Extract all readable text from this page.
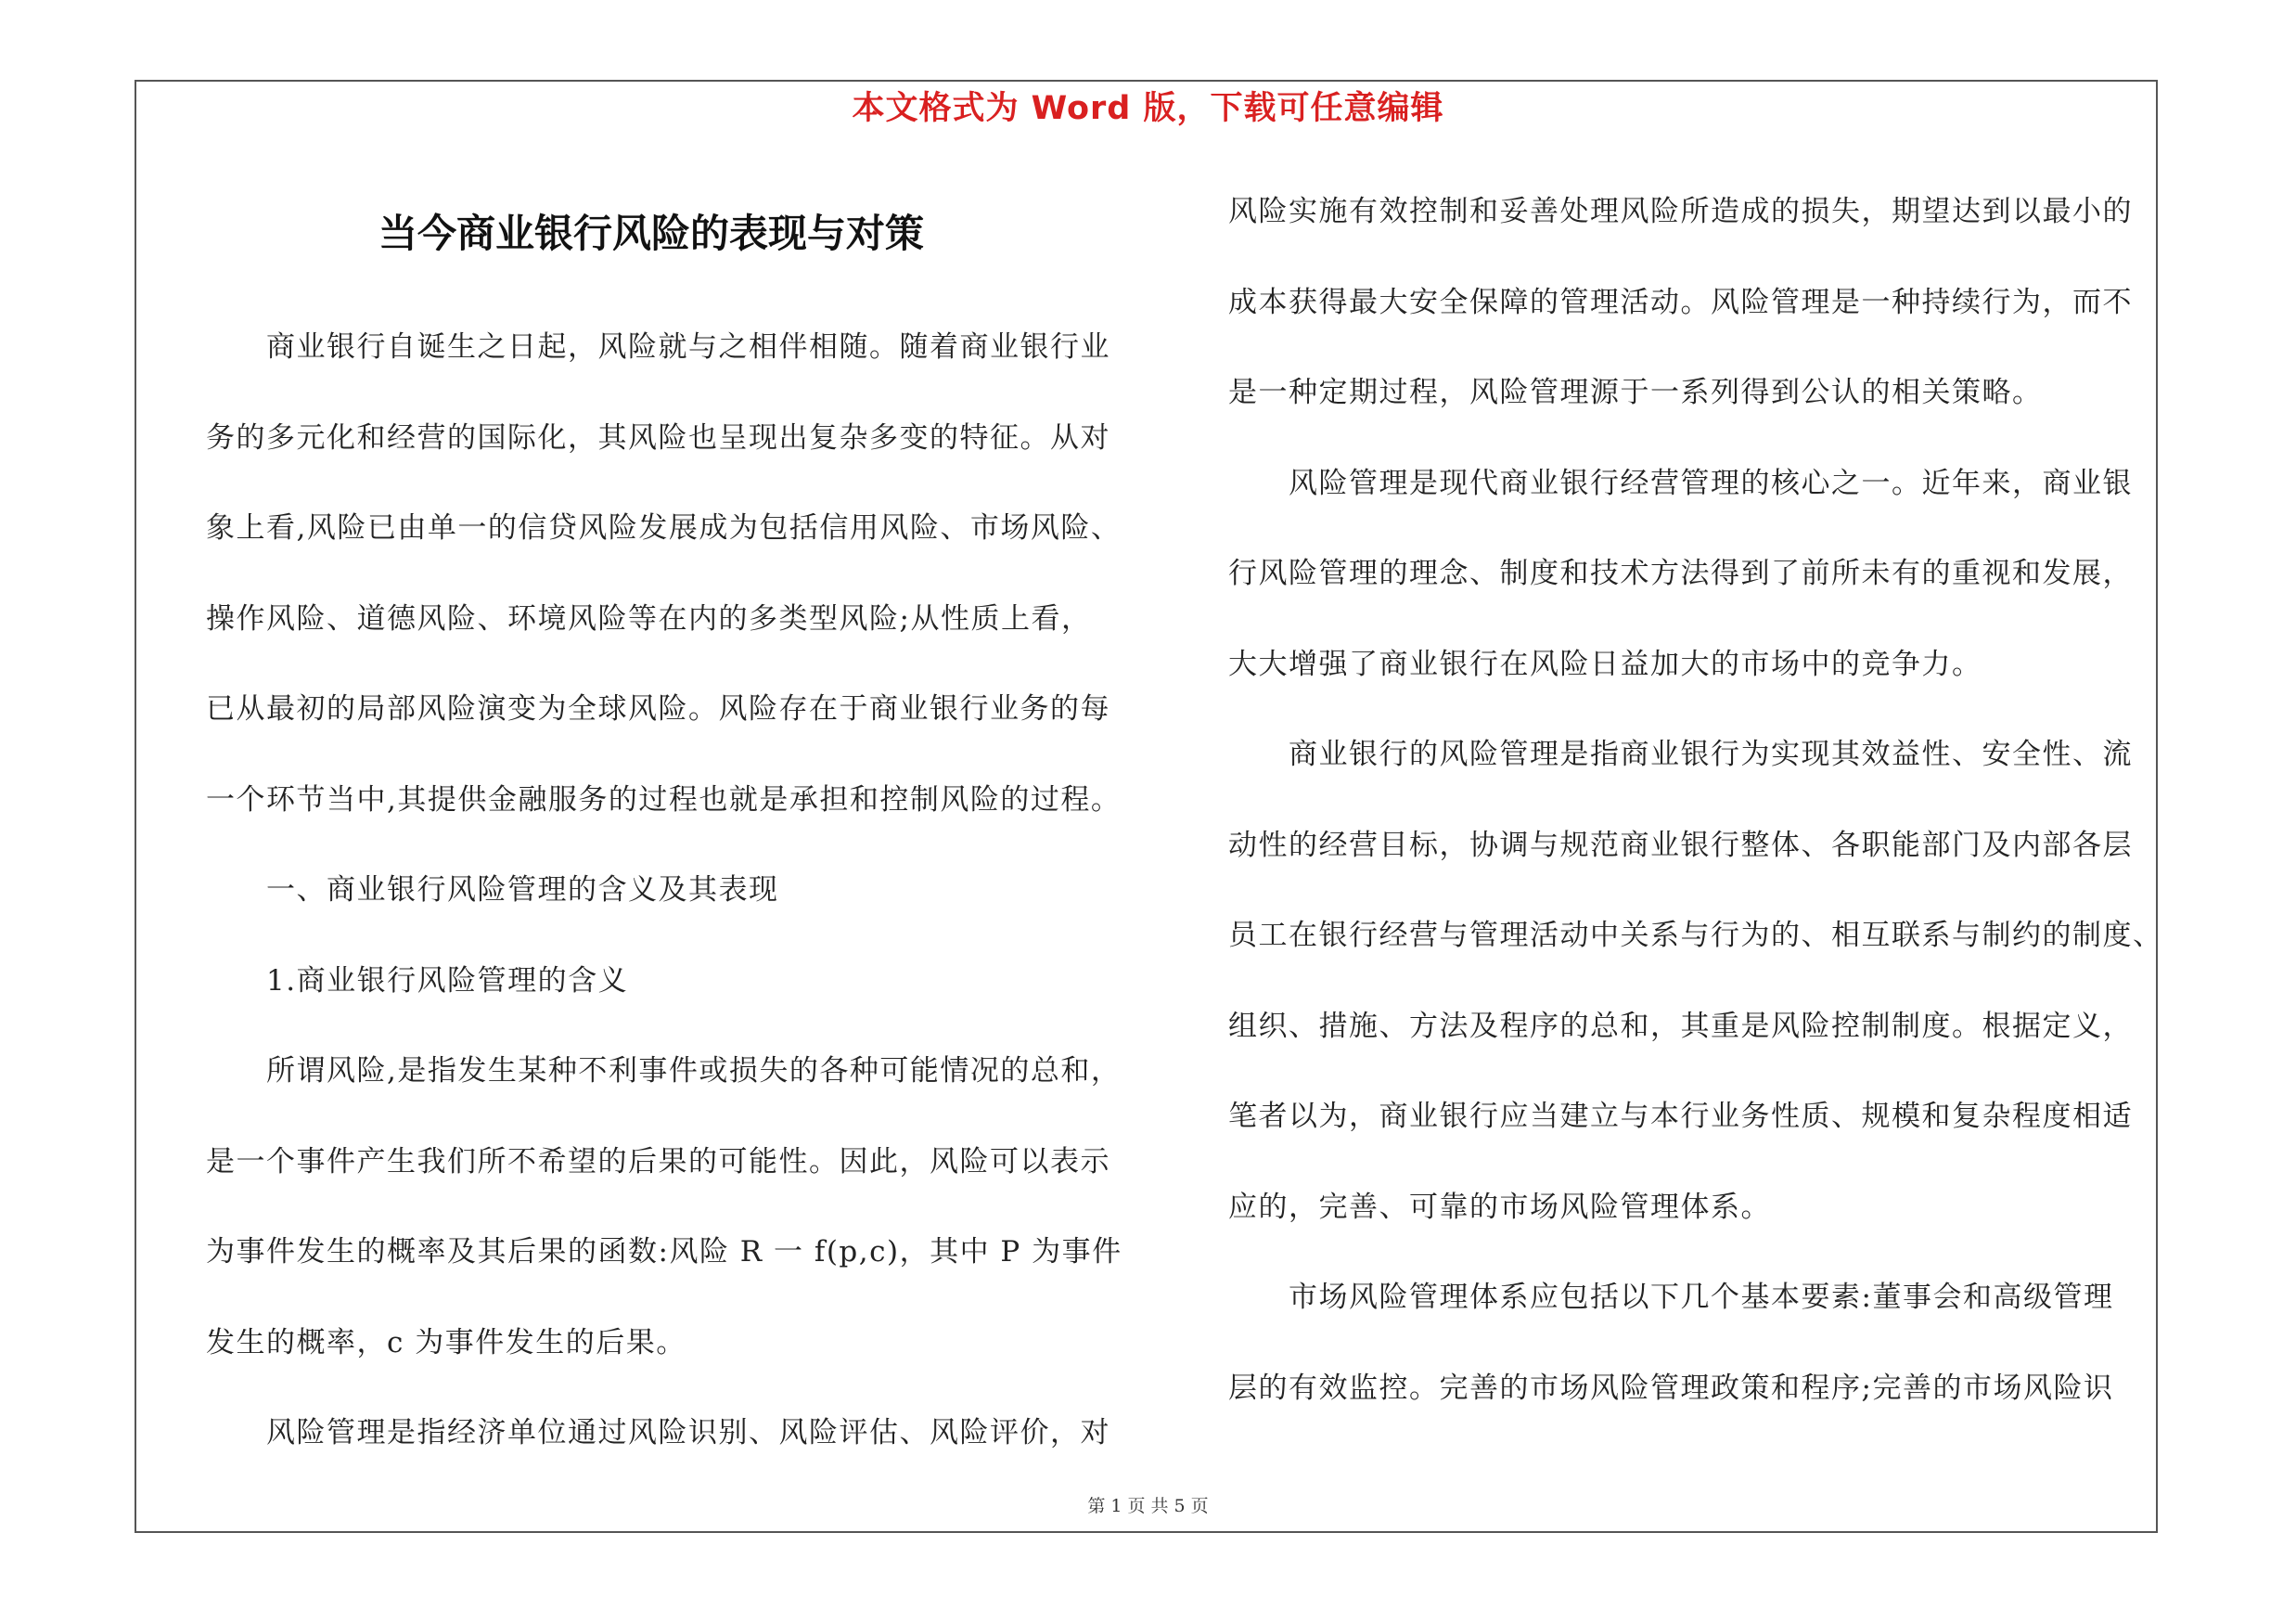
本文格式为 Word 版，下载可任意编辑
当今商业银行风险的表现与对策
　　商业银行自诞生之日起，风险就与之相伴相随。随着商业银行业
务的多元化和经营的国际化，其风险也呈现出复杂多变的特征。从对
象上看,风险已由单一的信贷风险发展成为包括信用风险、市场风险、
操作风险、道德风险、环境风险等在内的多类型风险;从性质上看，
已从最初的局部风险演变为全球风险。风险存在于商业银行业务的每
一个环节当中,其提供金融服务的过程也就是承担和控制风险的过程。
　　一、商业银行风险管理的含义及其表现
　　1.商业银行风险管理的含义
　　所谓风险,是指发生某种不利事件或损失的各种可能情况的总和，
是一个事件产生我们所不希望的后果的可能性。因此，风险可以表示
为事件发生的概率及其后果的函数:风险 R 一 f(p,c)，其中 P 为事件
发生的概率，c 为事件发生的后果。
　　风险管理是指经济单位通过风险识别、风险评估、风险评价，对
风险实施有效控制和妥善处理风险所造成的损失，期望达到以最小的
成本获得最大安全保障的管理活动。风险管理是一种持续行为，而不
是一种定期过程，风险管理源于一系列得到公认的相关策略。
　　风险管理是现代商业银行经营管理的核心之一。近年来，商业银
行风险管理的理念、制度和技术方法得到了前所未有的重视和发展，
大大增强了商业银行在风险日益加大的市场中的竞争力。
　　商业银行的风险管理是指商业银行为实现其效益性、安全性、流
动性的经营目标，协调与规范商业银行整体、各职能部门及内部各层
员工在银行经营与管理活动中关系与行为的、相互联系与制约的制度、
组织、措施、方法及程序的总和，其重是风险控制制度。根据定义，
笔者以为，商业银行应当建立与本行业务性质、规模和复杂程度相适
应的，完善、可靠的市场风险管理体系。
　　市场风险管理体系应包括以下几个基本要素:董事会和高级管理
层的有效监控。完善的市场风险管理政策和程序;完善的市场风险识
第 1 页 共 5 页
